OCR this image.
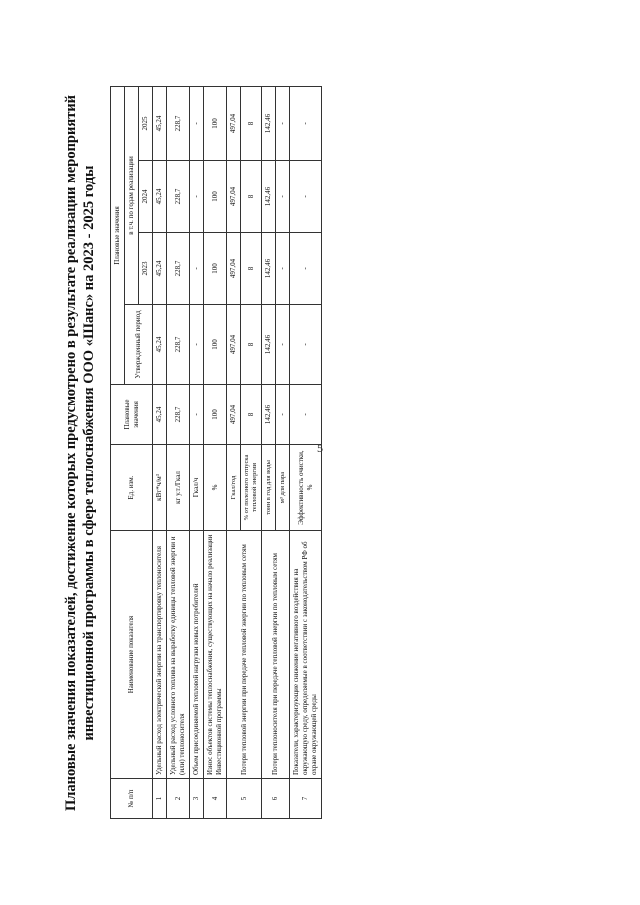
5
Плановые значения показателей, достижение которых предусмотрено в результате реализации мероприятий инвестиционной программы в сфере теплоснабжения ООО «Шанс» на 2023 - 2025 годы
№ п/п	Наименование показателя	Ед. изм.	Плановые значения	Плановые значения			
				Утвержденный период	в т.ч. по годам реализации		
					2023	2024	2025
1	Удельный расход электрической энергии на транспортировку теплоносителя	кВт*ч/м³	45,24	45,24	45,24	45,24	45,24
2	Удельный расход условного топлива на выработку единицы тепловой энергии и (или) теплоносителя	кг у.т./Гкал	228,7	228,7	228,7	228,7	228,7
3	Объем присоединяемой тепловой нагрузки новых потребителей	Гкал/ч	-	-	-	-	-
4	Износ объектов системы теплоснабжения, существующих на начало реализации Инвестиционной программы	%	100	100	100	100	100
5	Потери тепловой энергии при передаче тепловой энергии по тепловым сетям	Гкал/год	497,04	497,04	497,04	497,04	497,04
		% от полезного отпуска тепловой энергии	8	8	8	8	8
6	Потери теплоносителя при передаче тепловой энергии по тепловым сетям	тонн в год для воды	142,46	142,46	142,46	142,46	142,46
		м³ для пара	-	-	-	-	-
7	Показатели, характеризующие снижение негативного воздействия на окружающую среду, определяемые в соответствии с законодательством РФ об охране окружающей среды	Эффективность очистки, %	-	-	-	-	-
